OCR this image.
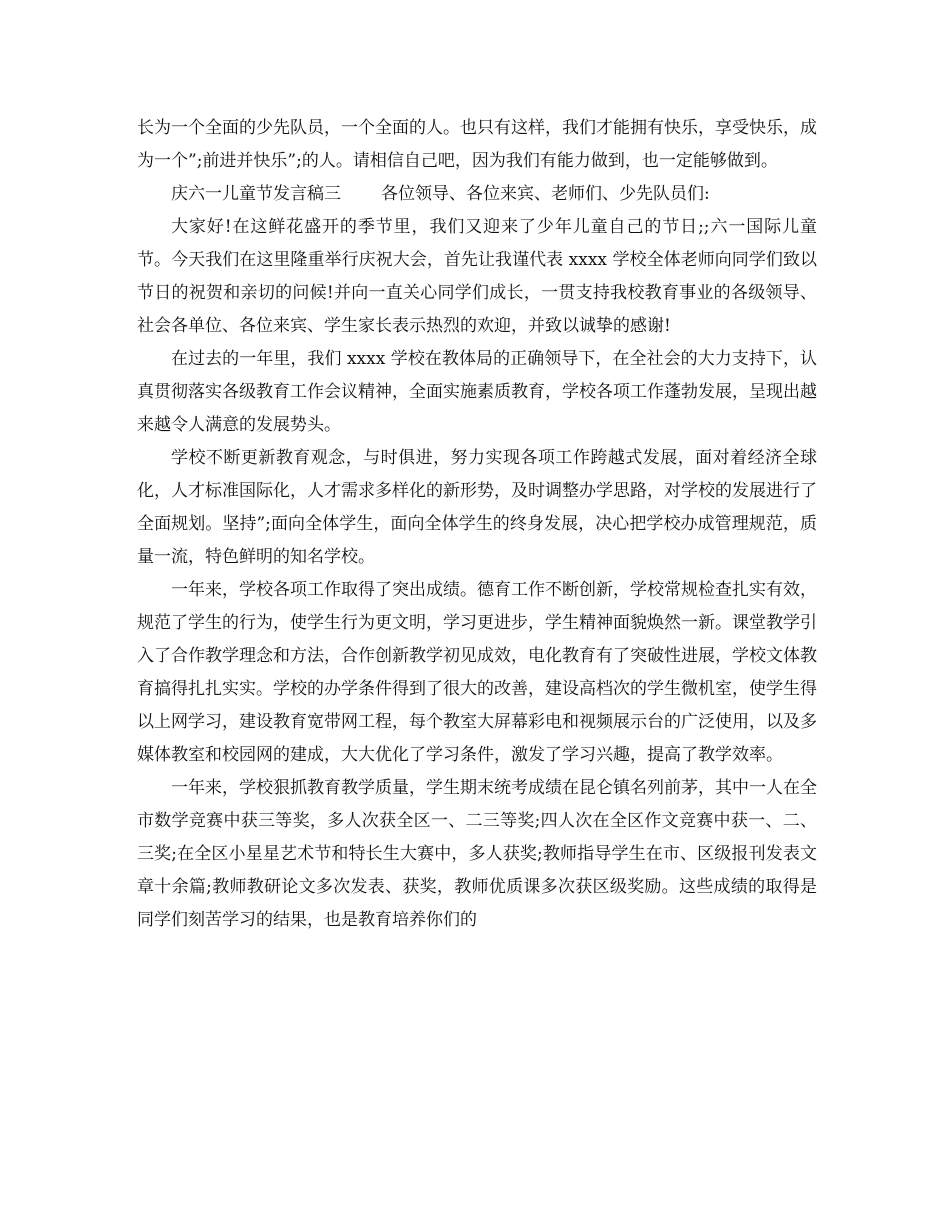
长为一个全面的少先队员，一个全面的人。也只有这样，我们才能拥有快乐，享受快乐，成为一个”;前进并快乐”;的人。请相信自己吧，因为我们有能力做到，也一定能够做到。

庆六一儿童节发言稿三 各位领导、各位来宾、老师们、少先队员们:

大家好!在这鲜花盛开的季节里，我们又迎来了少年儿童自己的节日;;六一国际儿童节。今天我们在这里隆重举行庆祝大会，首先让我谨代表 xxxx 学校全体老师向同学们致以节日的祝贺和亲切的问候!并向一直关心同学们成长，一贯支持我校教育事业的各级领导、社会各单位、各位来宾、学生家长表示热烈的欢迎，并致以诚挚的感谢!

在过去的一年里，我们 xxxx 学校在教体局的正确领导下，在全社会的大力支持下，认真贯彻落实各级教育工作会议精神，全面实施素质教育，学校各项工作蓬勃发展，呈现出越来越令人满意的发展势头。

学校不断更新教育观念，与时俱进，努力实现各项工作跨越式发展，面对着经济全球化，人才标准国际化，人才需求多样化的新形势，及时调整办学思路，对学校的发展进行了全面规划。坚持”;面向全体学生，面向全体学生的终身发展，决心把学校办成管理规范，质量一流，特色鲜明的知名学校。

一年来，学校各项工作取得了突出成绩。德育工作不断创新，学校常规检查扎实有效，规范了学生的行为，使学生行为更文明，学习更进步，学生精神面貌焕然一新。课堂教学引入了合作教学理念和方法，合作创新教学初见成效，电化教育有了突破性进展，学校文体教育搞得扎扎实实。学校的办学条件得到了很大的改善，建设高档次的学生微机室，使学生得以上网学习，建设教育宽带网工程，每个教室大屏幕彩电和视频展示台的广泛使用，以及多媒体教室和校园网的建成，大大优化了学习条件，激发了学习兴趣，提高了教学效率。

一年来，学校狠抓教育教学质量，学生期末统考成绩在昆仑镇名列前茅，其中一人在全市数学竞赛中获三等奖，多人次获全区一、二三等奖;四人次在全区作文竞赛中获一、二、三奖;在全区小星星艺术节和特长生大赛中，多人获奖;教师指导学生在市、区级报刊发表文章十余篇;教师教研论文多次发表、获奖，教师优质课多次获区级奖励。这些成绩的取得是同学们刻苦学习的结果，也是教育培养你们的
